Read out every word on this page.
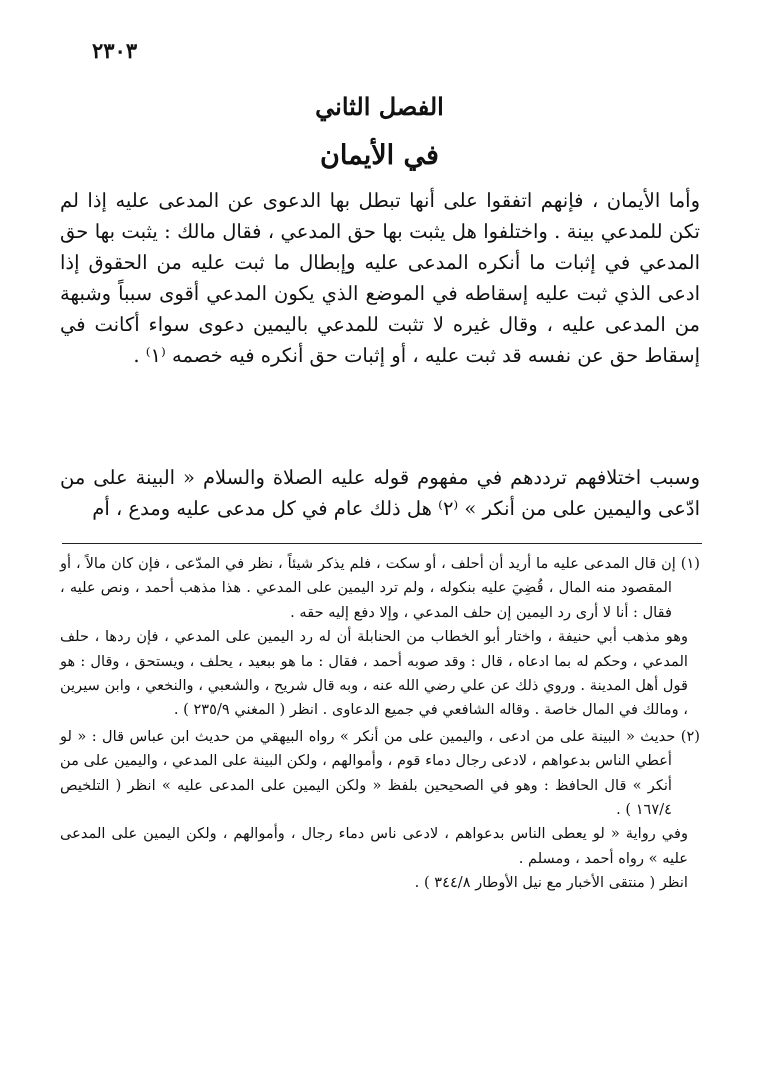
٢٣٠٣
الفصل الثاني
في الأيمان

وأما الأيمان ، فإنهم اتفقوا على أنها تبطل بها الدعوى عن المدعى عليه إذا لم تكن للمدعي بينة . واختلفوا هل يثبت بها حق المدعي ، فقال مالك : يثبت بها حق المدعي في إثبات ما أنكره المدعى عليه وإبطال ما ثبت عليه من الحقوق إذا ادعى الذي ثبت عليه إسقاطه في الموضع الذي يكون المدعي أقوى سبباً وشبهة من المدعى عليه ، وقال غيره لا تثبت للمدعي باليمين دعوى سواء أكانت في إسقاط حق عن نفسه قد ثبت عليه ، أو إثبات حق أنكره فيه خصمه ⁽١⁾ .

وسبب اختلافهم ترددهم في مفهوم قوله عليه الصلاة والسلام « البينة على من ادّعى واليمين على من أنكر » ⁽٢⁾ هل ذلك عام في كل مدعى عليه ومدع ، أم

(١) إن قال المدعى عليه ما أريد أن أحلف ، أو سكت ، فلم يذكر شيئاً ، نظر في المدّعى ، فإن كان مالاً ، أو المقصود منه المال ، قُضِيَ عليه بنكوله ، ولم ترد اليمين على المدعي . هذا مذهب أحمد ، ونص عليه ، فقال : أنا لا أرى رد اليمين إن حلف المدعي ، وإلا دفع إليه حقه .

وهو مذهب أبي حنيفة ، واختار أبو الخطاب من الحنابلة أن له رد اليمين على المدعي ، فإن ردها ، حلف المدعي ، وحكم له بما ادعاه ، قال : وقد صوبه أحمد ، فقال : ما هو ببعيد ، يحلف ، ويستحق ، وقال : هو قول أهل المدينة . وروي ذلك عن علي رضي الله عنه ، وبه قال شريح ، والشعبي ، والنخعي ، وابن سيرين ، ومالك في المال خاصة . وقاله الشافعي في جميع الدعاوى . انظر ( المغني ٢٣٥/٩ ) .

(٢) حديث « البينة على من ادعى ، واليمين على من أنكر » رواه البيهقي من حديث ابن عباس قال : « لو أعطي الناس بدعواهم ، لادعى رجال دماء قوم ، وأموالهم ، ولكن البينة على المدعي ، واليمين على من أنكر » قال الحافظ : وهو في الصحيحين بلفظ « ولكن اليمين على المدعى عليه » انظر ( التلخيص ١٦٧/٤ ) .

وفي رواية « لو يعطى الناس بدعواهم ، لادعى ناس دماء رجال ، وأموالهم ، ولكن اليمين على المدعى عليه » رواه أحمد ، ومسلم .

انظر ( منتقى الأخبار مع نيل الأوطار ٣٤٤/٨ ) .
